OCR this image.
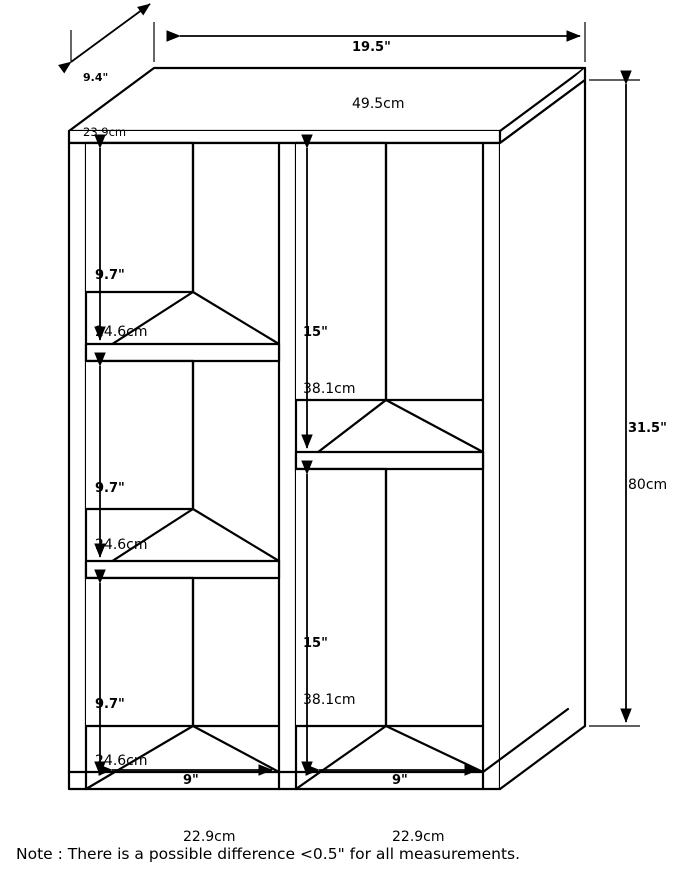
9.4"

23.9cm

19.5"

49.5cm

31.5"

80cm

9.7"

24.6cm

9.7"

24.6cm

9.7"

24.6cm

15"

38.1cm

15"

38.1cm

9"

22.9cm

9"

22.9cm

Note : There is a possible difference <0.5" for all measurements.
